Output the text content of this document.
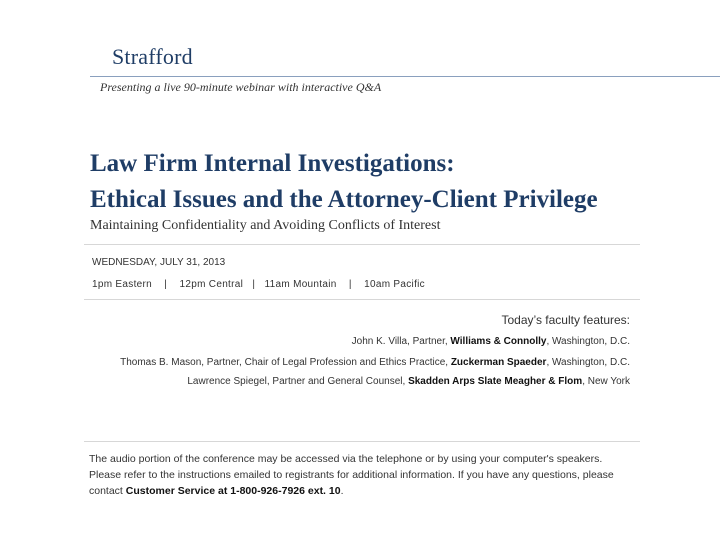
Strafford
Presenting a live 90-minute webinar with interactive Q&A
Law Firm Internal Investigations:
Ethical Issues and the Attorney-Client Privilege
Maintaining Confidentiality and Avoiding Conflicts of Interest
WEDNESDAY, JULY 31, 2013
1pm Eastern    |    12pm Central   |   11am Mountain    |    10am Pacific
Today’s faculty features:
John K. Villa, Partner, Williams & Connolly, Washington, D.C.
Thomas B. Mason, Partner, Chair of Legal Profession and Ethics Practice, Zuckerman Spaeder, Washington, D.C.
Lawrence Spiegel, Partner and General Counsel, Skadden Arps Slate Meagher & Flom, New York
The audio portion of the conference may be accessed via the telephone or by using your computer's speakers. Please refer to the instructions emailed to registrants for additional information. If you have any questions, please contact Customer Service at 1-800-926-7926 ext. 10.
